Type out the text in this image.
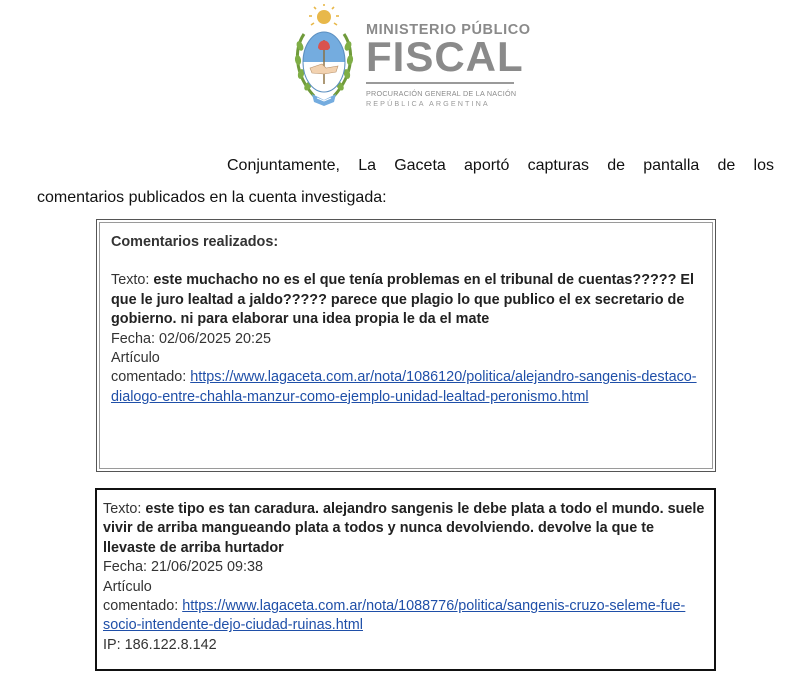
MINISTERIO PÚBLICO
FISCAL
PROCURACIÓN GENERAL DE LA NACIÓN
REPÚBLICA ARGENTINA
Conjuntamente, La Gaceta aportó capturas de pantalla de los
comentarios publicados en la cuenta investigada:
Comentarios realizados:
Texto: este muchacho no es el que tenía problemas en el tribunal de cuentas????? El que le juro lealtad a jaldo????? parece que plagio lo que publico el ex secretario de gobierno. ni para elaborar una idea propia le da el mate
Fecha: 02/06/2025 20:25
Artículo
comentado: https://www.lagaceta.com.ar/nota/1086120/politica/alejandro-sangenis-destaco-dialogo-entre-chahla-manzur-como-ejemplo-unidad-lealtad-peronismo.html
Texto: este tipo es tan caradura. alejandro sangenis le debe plata a todo el mundo. suele vivir de arriba mangueando plata a todos y nunca devolviendo. devolve la que te llevaste de arriba hurtador
Fecha: 21/06/2025 09:38
Artículo
comentado: https://www.lagaceta.com.ar/nota/1088776/politica/sangenis-cruzo-seleme-fue-socio-intendente-dejo-ciudad-ruinas.html
IP: 186.122.8.142
